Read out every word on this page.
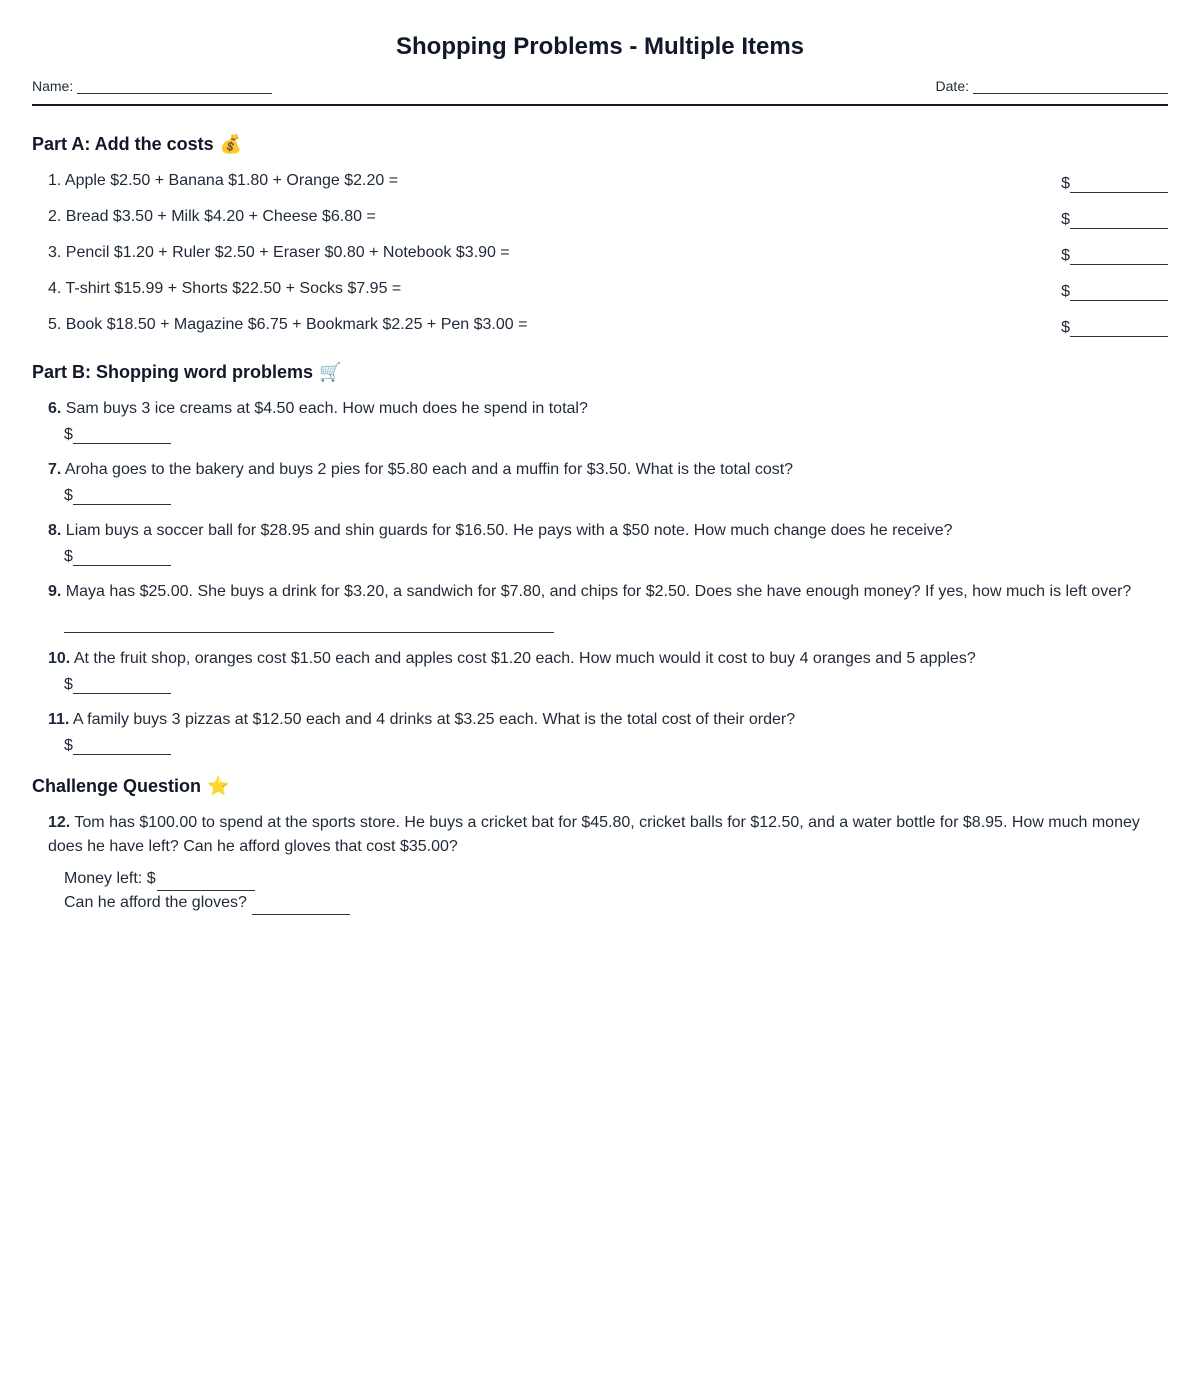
Shopping Problems - Multiple Items
Name:	Date:
Part A: Add the costs 💰
1. Apple $2.50 + Banana $1.80 + Orange $2.20 =	$
2. Bread $3.50 + Milk $4.20 + Cheese $6.80 =	$
3. Pencil $1.20 + Ruler $2.50 + Eraser $0.80 + Notebook $3.90 =	$
4. T-shirt $15.99 + Shorts $22.50 + Socks $7.95 =	$
5. Book $18.50 + Magazine $6.75 + Bookmark $2.25 + Pen $3.00 =	$
Part B: Shopping word problems 🛒
6. Sam buys 3 ice creams at $4.50 each. How much does he spend in total?
$
7. Aroha goes to the bakery and buys 2 pies for $5.80 each and a muffin for $3.50. What is the total cost?
$
8. Liam buys a soccer ball for $28.95 and shin guards for $16.50. He pays with a $50 note. How much change does he receive?
$
9. Maya has $25.00. She buys a drink for $3.20, a sandwich for $7.80, and chips for $2.50. Does she have enough money? If yes, how much is left over?
10. At the fruit shop, oranges cost $1.50 each and apples cost $1.20 each. How much would it cost to buy 4 oranges and 5 apples?
$
11. A family buys 3 pizzas at $12.50 each and 4 drinks at $3.25 each. What is the total cost of their order?
$
Challenge Question ⭐
12. Tom has $100.00 to spend at the sports store. He buys a cricket bat for $45.80, cricket balls for $12.50, and a water bottle for $8.95. How much money does he have left? Can he afford gloves that cost $35.00?
Money left: $
Can he afford the gloves?
